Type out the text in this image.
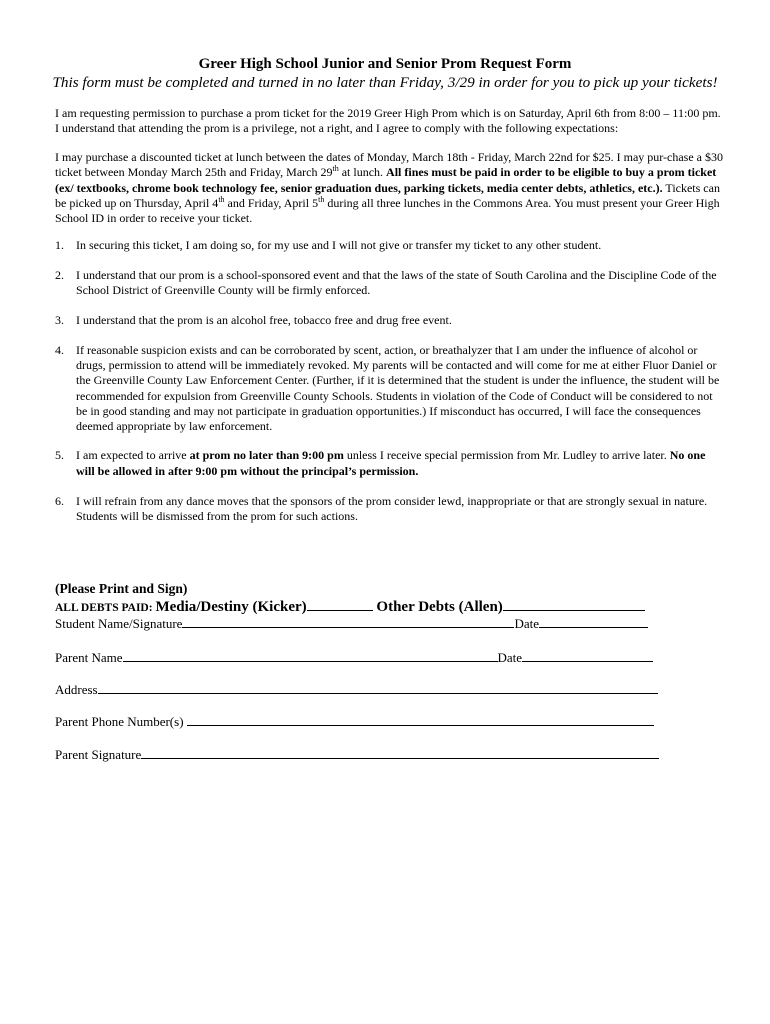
Greer High School Junior and Senior Prom Request Form

This form must be completed and turned in no later than Friday, 3/29 in order for you to pick up your tickets!

I am requesting permission to purchase a prom ticket for the 2019 Greer High Prom which is on Saturday, April 6th from 8:00 – 11:00 pm. I understand that attending the prom is a privilege, not a right, and I agree to comply with the following expectations:

I may purchase a discounted ticket at lunch between the dates of Monday, March 18th - Friday, March 22nd for $25. I may pur-chase a $30 ticket between Monday March 25th and Friday, March 29th at lunch. All fines must be paid in order to be eligible to buy a prom ticket (ex/ textbooks, chrome book technology fee, senior graduation dues, parking tickets, media center debts, athletics, etc.). Tickets can be picked up on Thursday, April 4th and Friday, April 5th during all three lunches in the Commons Area. You must present your Greer High School ID in order to receive your ticket.

1. In securing this ticket, I am doing so, for my use and I will not give or transfer my ticket to any other student.
2. I understand that our prom is a school-sponsored event and that the laws of the state of South Carolina and the Discipline Code of the School District of Greenville County will be firmly enforced.
3. I understand that the prom is an alcohol free, tobacco free and drug free event.
4. If reasonable suspicion exists and can be corroborated by scent, action, or breathalyzer that I am under the influence of alcohol or drugs, permission to attend will be immediately revoked. My parents will be contacted and will come for me at either Fluor Daniel or the Greenville County Law Enforcement Center. (Further, if it is determined that the student is under the influence, the student will be recommended for expulsion from Greenville County Schools. Students in violation of the Code of Conduct will be considered to not be in good standing and may not participate in graduation opportunities.) If misconduct has occurred, I will face the consequences deemed appropriate by law enforcement.
5. I am expected to arrive at prom no later than 9:00 pm unless I receive special permission from Mr. Ludley to arrive later. No one will be allowed in after 9:00 pm without the principal’s permission.
6. I will refrain from any dance moves that the sponsors of the prom consider lewd, inappropriate or that are strongly sexual in nature. Students will be dismissed from the prom for such actions.

(Please Print and Sign)

ALL DEBTS PAID: Media/Destiny (Kicker)	Other Debts (Allen)

Student Name/Signature	Date

Parent Name	Date

Address

Parent Phone Number(s)

Parent Signature
